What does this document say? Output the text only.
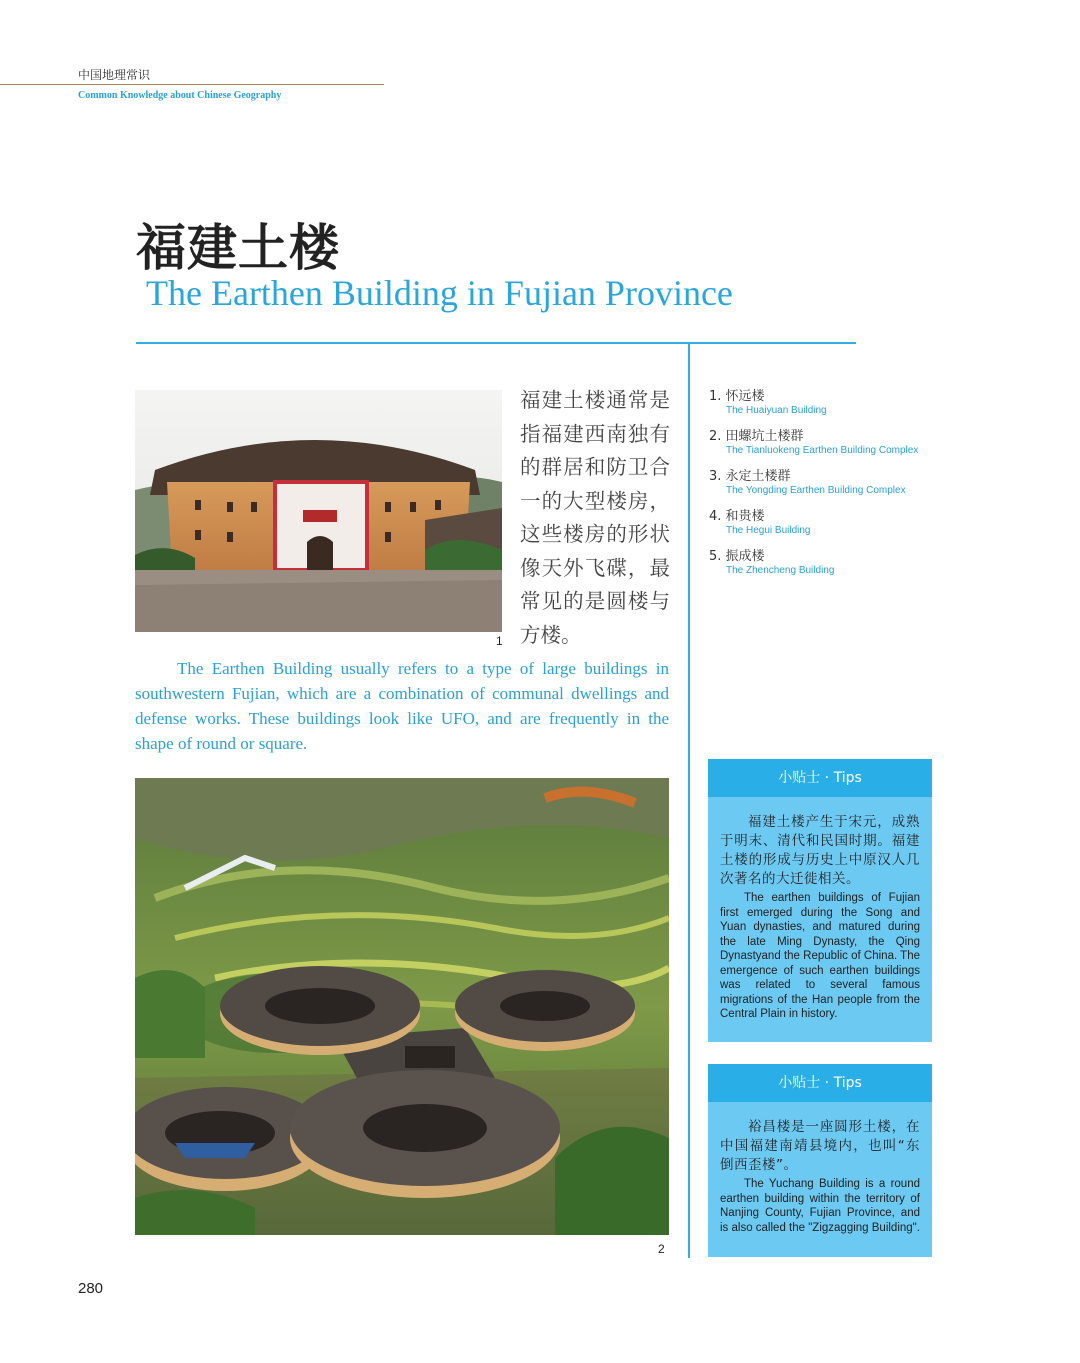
中国地理常识
Common Knowledge about Chinese Geography
福建土楼
The Earthen Building in Fujian Province
1
福建土楼通常是指福建西南独有的群居和防卫合一的大型楼房，这些楼房的形状像天外飞碟，最常见的是圆楼与方楼。
The Earthen Building usually refers to a type of large buildings in southwestern Fujian, which are a combination of communal dwellings and defense works. These buildings look like UFO, and are frequently in the shape of round or square.
2
1. 怀远楼
The Huaiyuan Building
2. 田螺坑土楼群
The Tianluokeng Earthen Building Complex
3. 永定土楼群
The Yongding Earthen Building Complex
4. 和贵楼
The Hegui Building
5. 振成楼
The Zhencheng Building
小贴士 · Tips
福建土楼产生于宋元，成熟于明末、清代和民国时期。福建土楼的形成与历史上中原汉人几次著名的大迁徙相关。
The earthen buildings of Fujian first emerged during the Song and Yuan dynasties, and matured during the late Ming Dynasty, the Qing Dynastyand the Republic of China. The emergence of such earthen buildings was related to several famous migrations of the Han people from the Central Plain in history.
小贴士 · Tips
裕昌楼是一座圆形土楼，在中国福建南靖县境内，也叫“东倒西歪楼”。
The Yuchang Building is a round earthen building within the territory of Nanjing County, Fujian Province, and is also called the "Zigzagging Building".
280
